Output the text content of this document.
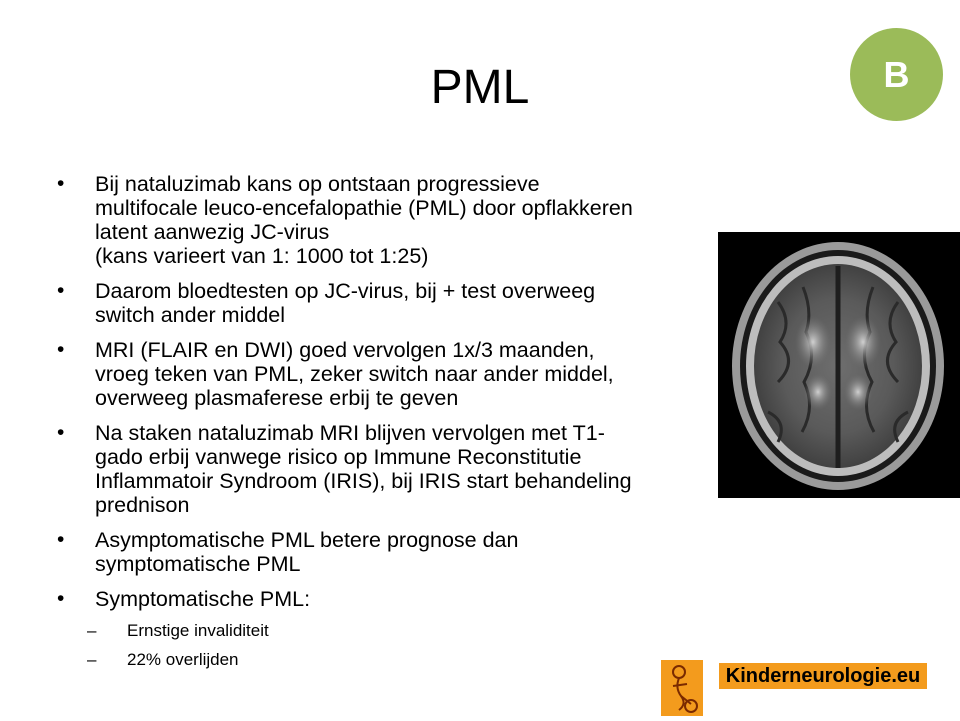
PML	B
• Bij nataluzimab kans op ontstaan progressieve
multifocale leuco-encefalopathie (PML) door opflakkeren
latent aanwezig JC-virus
(kans varieert van 1: 1000 tot 1:25)
• Daarom bloedtesten op JC-virus, bij + test overweeg
switch ander middel
• MRI (FLAIR en DWI) goed vervolgen 1x/3 maanden,
vroeg teken van PML, zeker switch naar ander middel,
overweeg plasmaferese erbij te geven
• Na staken nataluzimab MRI blijven vervolgen met T1-
gado erbij vanwege risico op Immune Reconstitutie
Inflammatoir Syndroom (IRIS), bij IRIS start behandeling
prednison
• Asymptomatische PML betere prognose dan
symptomatische PML
• Symptomatische PML:
– Ernstige invaliditeit
– 22% overlijden
Kinderneurologie.eu
